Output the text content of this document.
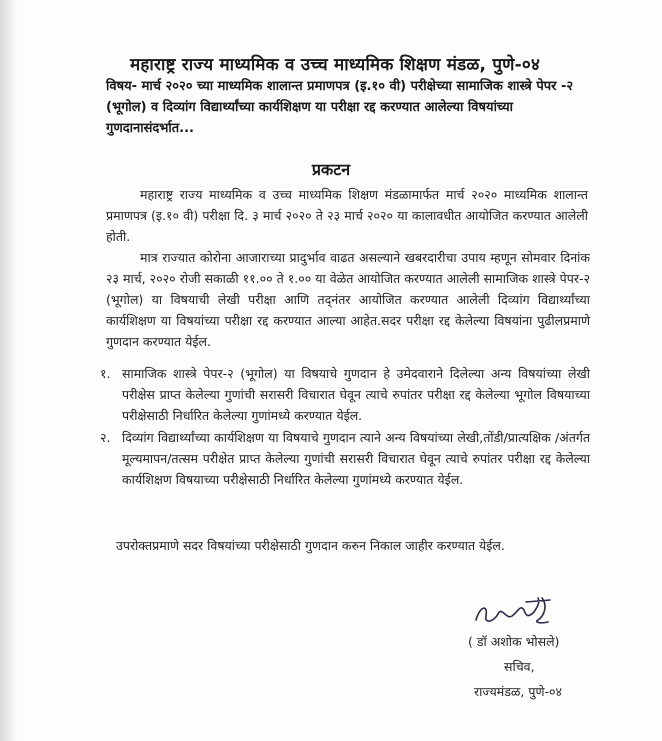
महाराष्ट्र राज्य माध्यमिक व उच्च माध्यमिक शिक्षण मंडळ, पुणे-०४
विषय- मार्च २०२० च्या माध्यमिक शालान्त प्रमाणपत्र (इ.१० वी) परीक्षेच्या सामाजिक शास्त्रे पेपर -२ (भूगोल) व दिव्यांग विद्यार्थ्यांच्या कार्यशिक्षण या परीक्षा रद्द करण्यात आलेल्या विषयांच्या गुणदानासंदर्भात...
प्रकटन
महाराष्ट्र राज्य माध्यमिक व उच्च माध्यमिक शिक्षण मंडळामार्फत मार्च २०२० माध्यमिक शालान्त प्रमाणपत्र (इ.१० वी) परीक्षा दि. ३ मार्च २०२० ते २३ मार्च २०२० या कालावधीत आयोजित करण्यात आलेली होती.
मात्र राज्यात कोरोना आजाराच्या प्रादुर्भाव वाढत असल्याने खबरदारीचा उपाय म्हणून सोमवार दिनांक २३ मार्च, २०२० रोजी सकाळी ११.०० ते १.०० या वेळेत आयोजित करण्यात आलेली सामाजिक शास्त्रे पेपर-२ (भूगोल) या विषयाची लेखी परीक्षा आणि तद्‌नंतर आयोजित करण्यात आलेली दिव्यांग विद्यार्थ्यांच्या कार्यशिक्षण या विषयांच्या परीक्षा रद्द करण्यात आल्या आहेत.सदर परीक्षा रद्द केलेल्या विषयांना पुढीलप्रमाणे गुणदान करण्यात येईल.
१. सामाजिक शास्त्रे पेपर-२ (भूगोल) या विषयाचे गुणदान हे उमेदवाराने दिलेल्या अन्य विषयांच्या लेखी परीक्षेस प्राप्त केलेल्या गुणांची सरासरी विचारात घेवून त्याचे रुपांतर परीक्षा रद्द केलेल्या भूगोल विषयाच्या परीक्षेसाठी निर्धारित केलेल्या गुणांमध्ये करण्यात येईल.
२. दिव्यांग विद्यार्थ्यांच्या कार्यशिक्षण या विषयाचे गुणदान त्याने अन्य विषयांच्या लेखी,तोंडी/प्रात्यक्षिक /अंतर्गत मूल्यमापन/तत्सम परीक्षेत प्राप्त केलेल्या गुणांची सरासरी विचारात घेवून त्याचे रुपांतर परीक्षा रद्द केलेल्या कार्यशिक्षण विषयाच्या परीक्षेसाठी निर्धारित केलेल्या गुणांमध्ये करण्यात येईल.
उपरोक्तप्रमाणे सदर विषयांच्या परीक्षेसाठी गुणदान करुन निकाल जाहीर करण्यात येईल.
( डॉ अशोक भोसले)
सचिव,
राज्यमंडळ, पुणे-०४
